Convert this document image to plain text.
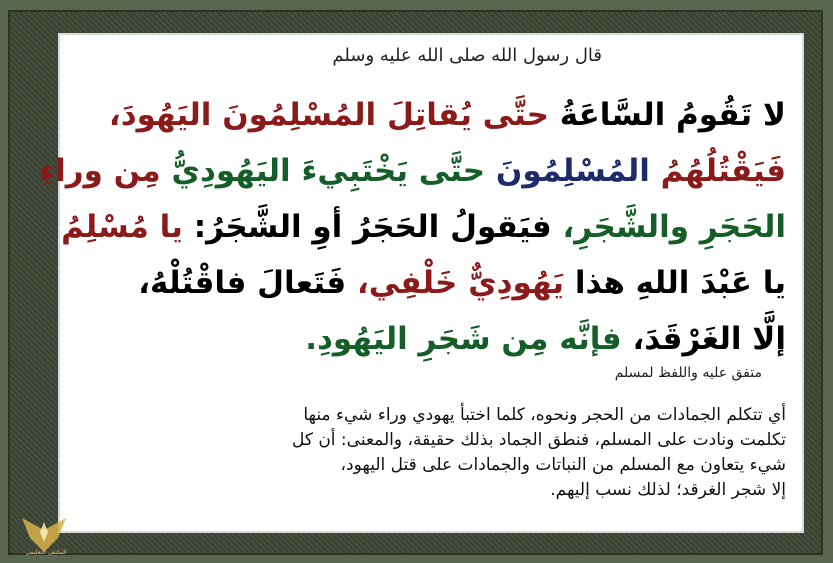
قال رسول الله صلى الله عليه وسلم
لا تَقُومُ السَّاعَةُ حتَّى يُقاتِلَ المُسْلِمُونَ اليَهُودَ،
فَيَقْتُلُهُمُ المُسْلِمُونَ حتَّى يَخْتَبِيءَ اليَهُودِيُّ مِن وراءِ
الحَجَرِ والشَّجَرِ، فيَقولُ الحَجَرُ أوِ الشَّجَرُ: يا مُسْلِمُ
يا عَبْدَ اللهِ هذا يَهُودِيٌّ خَلْفِي، فَتَعالَ فاقْتُلْهُ،
إلَّا الغَرْقَدَ، فإنَّه مِن شَجَرِ اليَهُودِ.
متفق عليه واللفظ لمسلم
أي تتكلم الجمادات من الحجر ونحوه، كلما اختبأ يهودي وراء شيء منها
تكلمت ونادت على المسلم، فنطق الجماد بذلك حقيقة، والمعنى: أن كل
شيء يتعاون مع المسلم من النباتات والجمادات على قتل اليهود،
إلا شجر الغرقد؛ لذلك نسب إليهم.
الملتقى التعليمي
